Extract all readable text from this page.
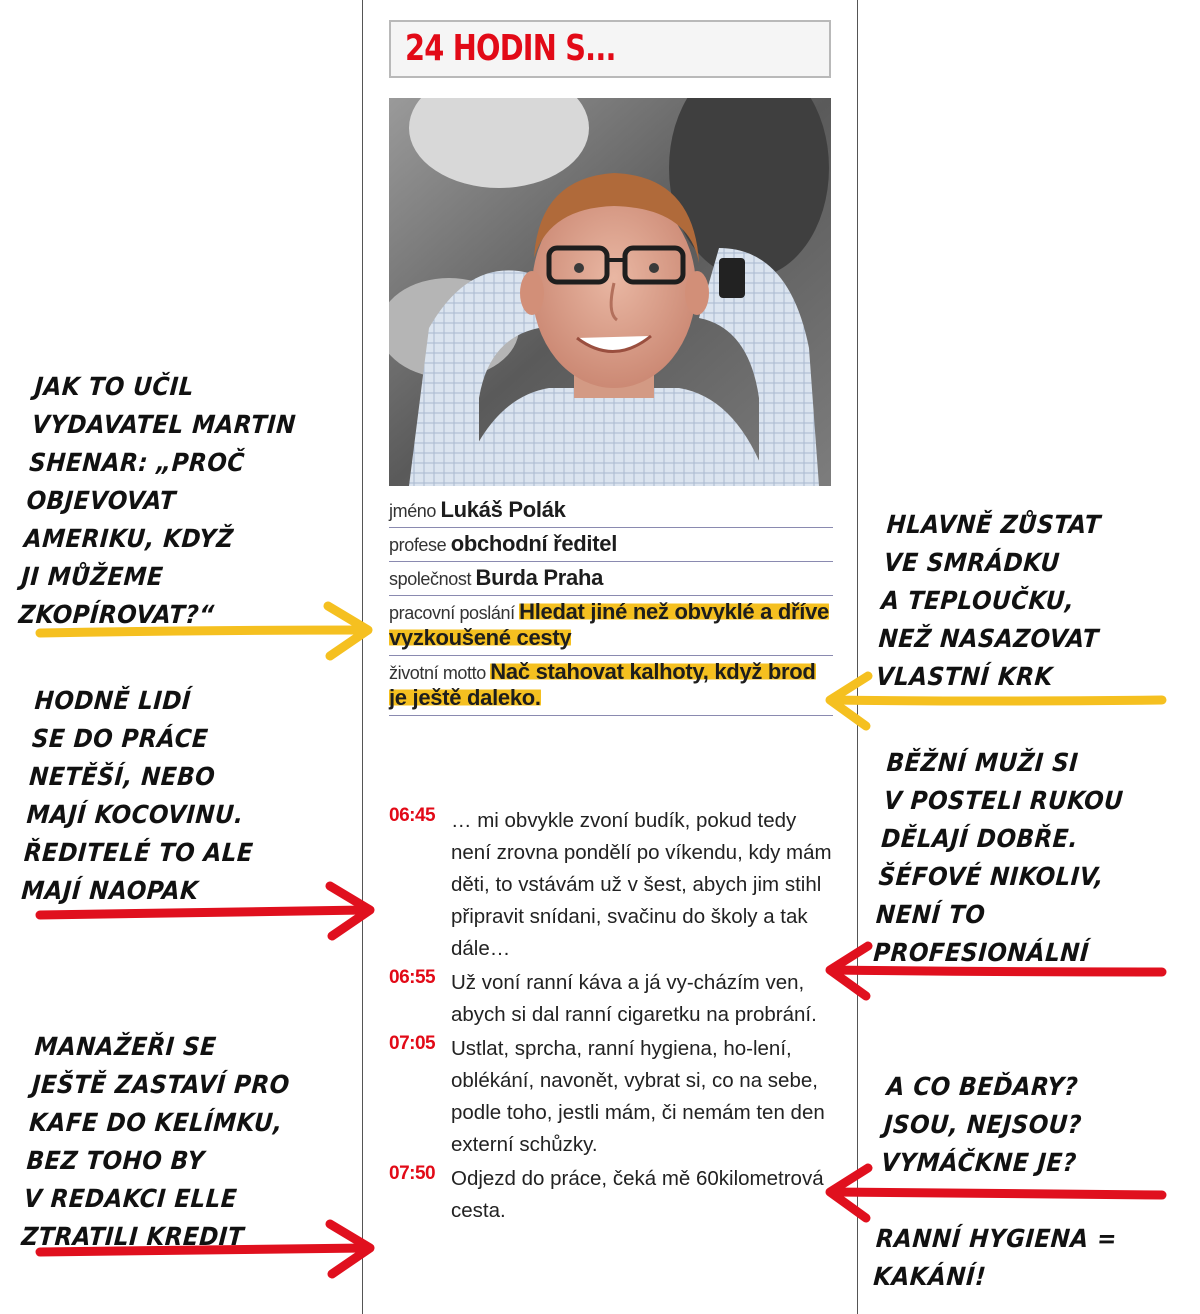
24 HODIN S...
jméno Lukáš Polák
profese obchodní ředitel
společnost Burda Praha
pracovní poslání Hledat jiné než obvyklé a dříve vyzkoušené cesty
životní motto Nač stahovat kalhoty, když brod je ještě daleko.
06:45 … mi obvykle zvoní budík, pokud tedy není zrovna pondělí po víkendu, kdy mám děti, to vstávám už v šest, abych jim stihl připravit snídani, svačinu do školy a tak dále…
06:55 Už voní ranní káva a já vy-cházím ven, abych si dal ranní cigaretku na probrání.
07:05 Ustlat, sprcha, ranní hygiena, ho-lení, oblékání, navonět, vybrat si, co na sebe, podle toho, jestli mám, či nemám ten den externí schůzky.
07:50 Odjezd do práce, čeká mě 60kilometrová cesta.
JAK TO UČIL
VYDAVATEL MARTIN
SHENAR: „PROČ
OBJEVOVAT
AMERIKU, KDYŽ
JI MŮŽEME
ZKOPÍROVAT?“
HODNĚ LIDÍ
SE DO PRÁCE
NETĚŠÍ, NEBO
MAJÍ KOCOVINU.
ŘEDITELÉ TO ALE
MAJÍ NAOPAK
MANAŽEŘI SE
JEŠTĚ ZASTAVÍ PRO
KAFE DO KELÍMKU,
BEZ TOHO BY
V REDAKCI ELLE
ZTRATILI KREDIT
HLAVNĚ ZŮSTAT
VE SMRÁDKU
A TEPLOUČKU,
NEŽ NASAZOVAT
VLASTNÍ KRK
BĚŽNÍ MUŽI SI
V POSTELI RUKOU
DĚLAJÍ DOBŘE.
ŠÉFOVÉ NIKOLIV,
NENÍ TO
PROFESIONÁLNÍ
A CO BEĎARY?
JSOU, NEJSOU?
VYMÁČKNE JE?

RANNÍ HYGIENA =
KAKÁNÍ!
